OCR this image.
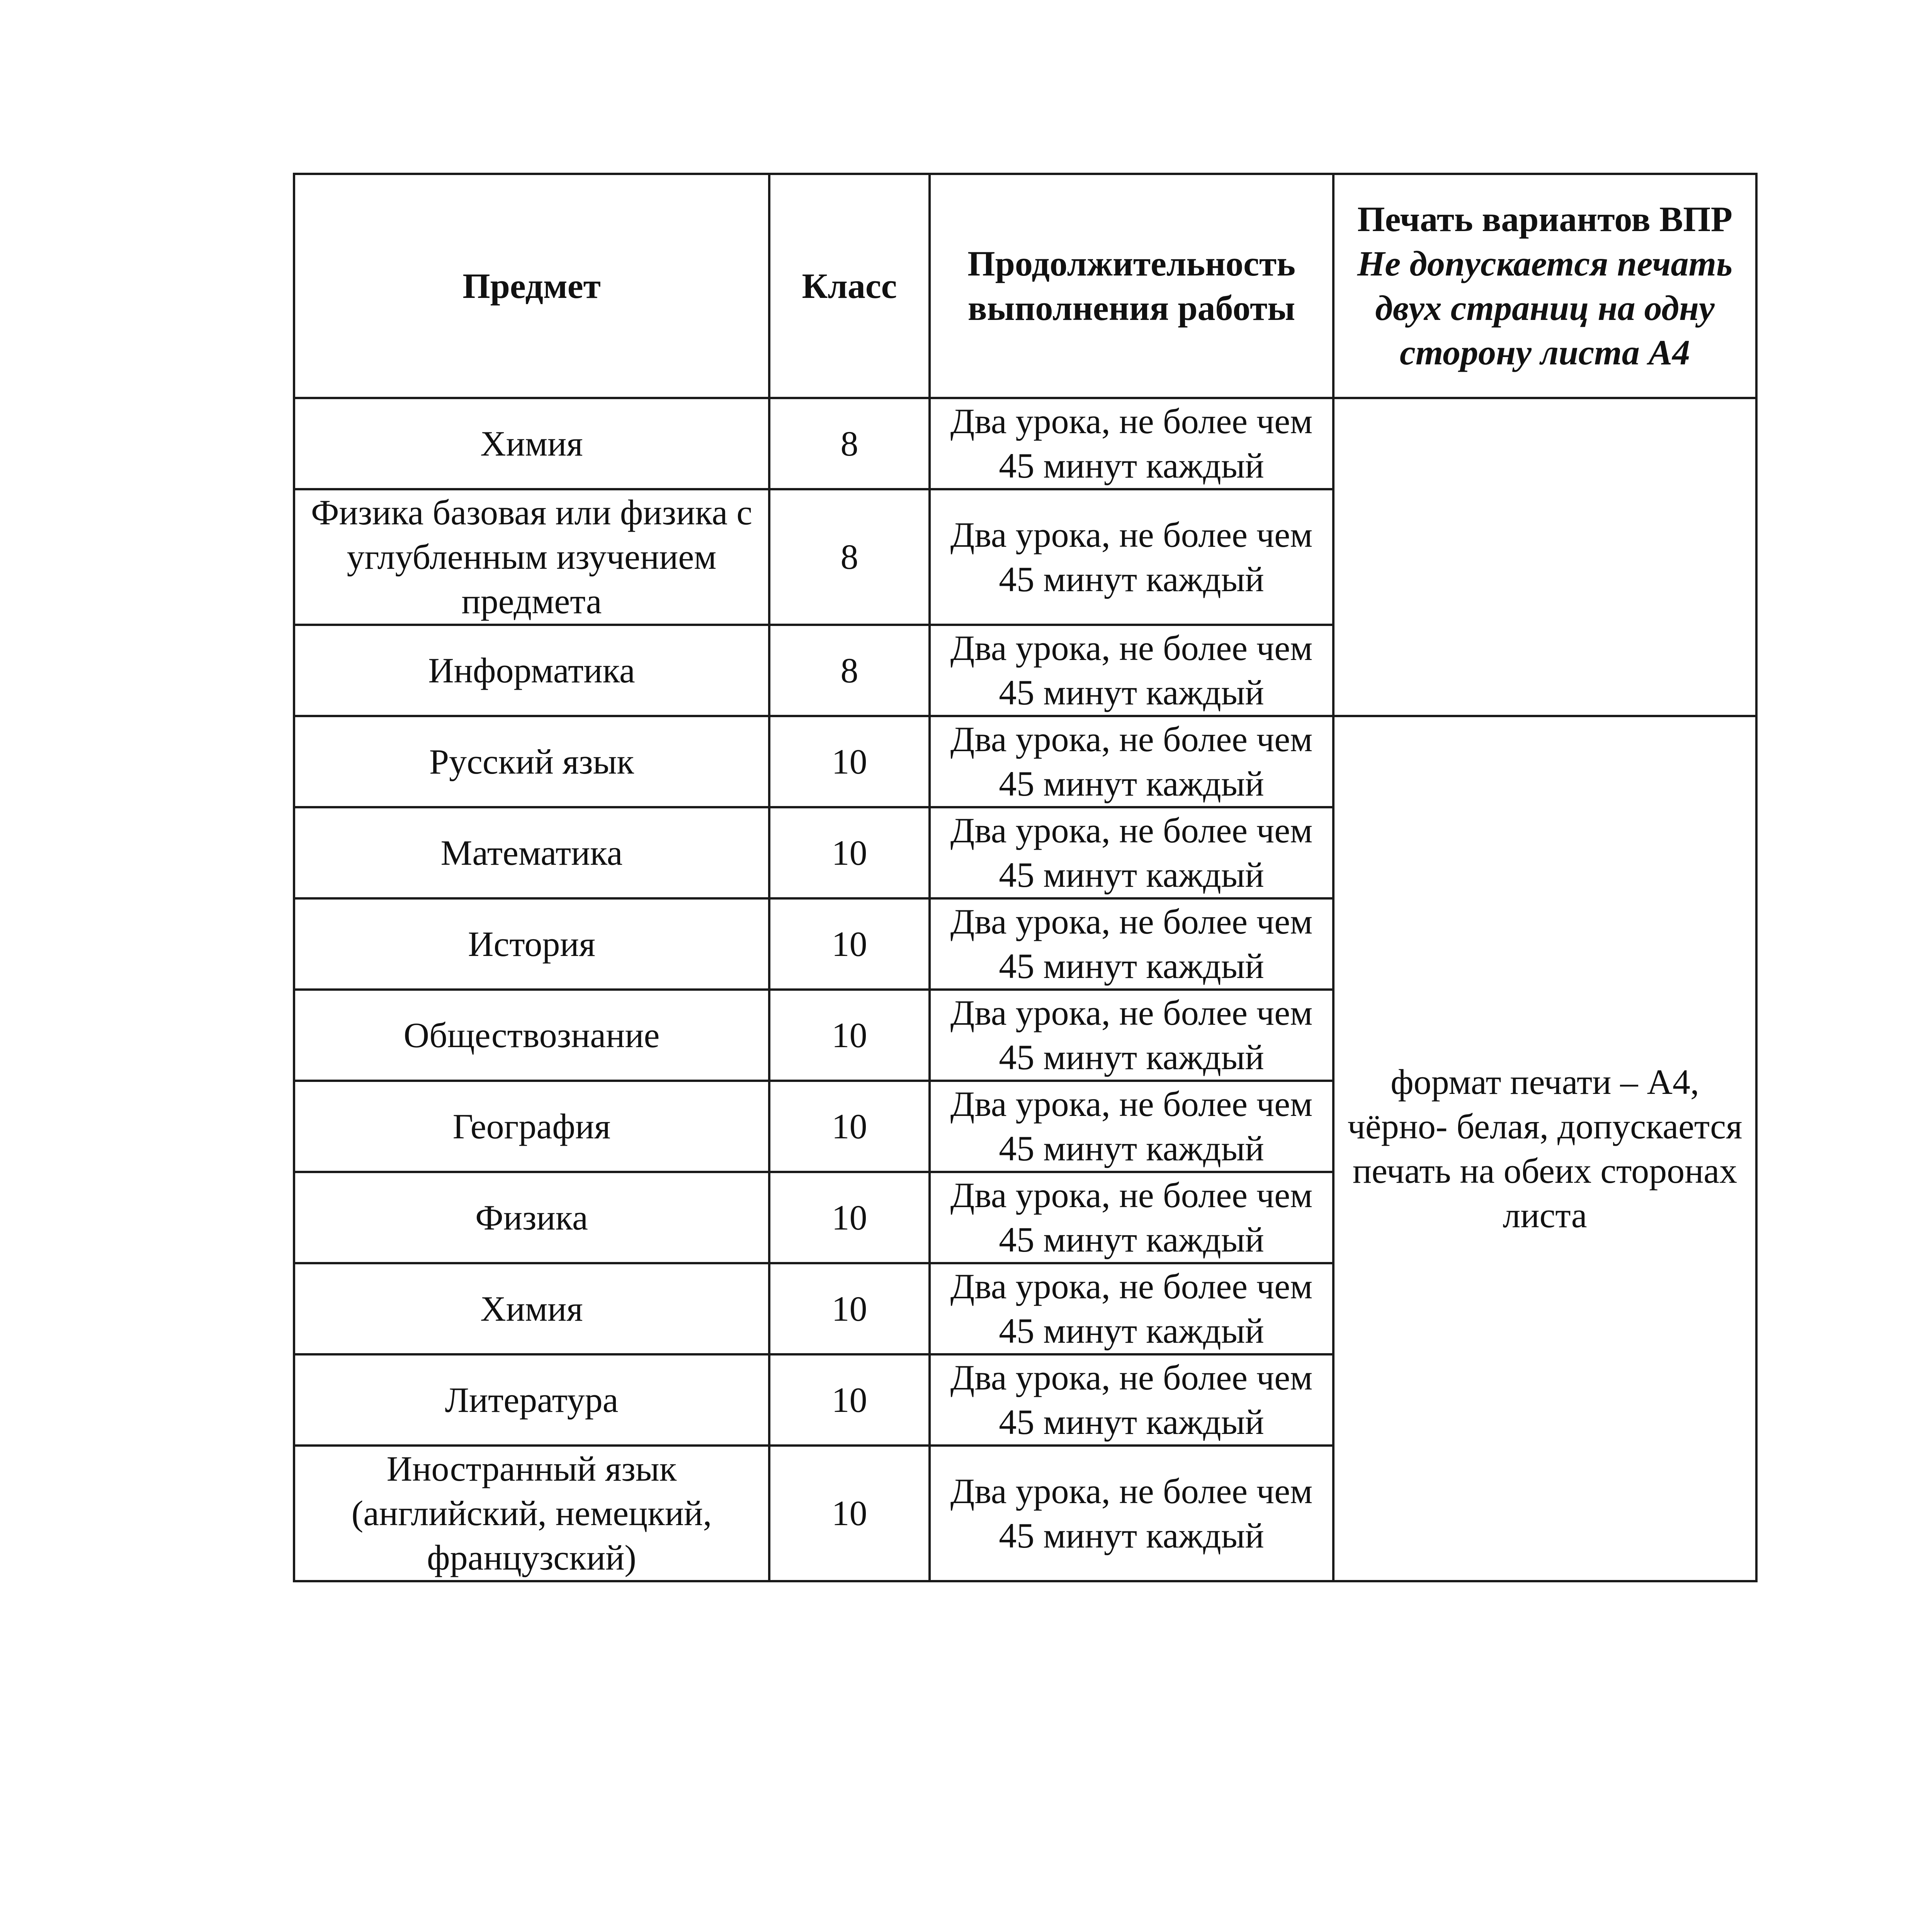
Предмет	Класс	Продолжительность выполнения работы	Печать вариантов ВПР
Не допускается печать двух страниц на одну сторону листа А4

Химия	8	Два урока, не более чем 45 минут каждый	
Физика базовая или физика с углубленным изучением предмета	8	Два урока, не более чем 45 минут каждый	
Информатика	8	Два урока, не более чем 45 минут каждый	
Русский язык	10	Два урока, не более чем 45 минут каждый	формат печати – А4, чёрно- белая, допускается печать на обеих сторонах листа
Математика	10	Два урока, не более чем 45 минут каждый	
История	10	Два урока, не более чем 45 минут каждый	
Обществознание	10	Два урока, не более чем 45 минут каждый	
География	10	Два урока, не более чем 45 минут каждый	
Физика	10	Два урока, не более чем 45 минут каждый	
Химия	10	Два урока, не более чем 45 минут каждый	
Литература	10	Два урока, не более чем 45 минут каждый	
Иностранный язык (английский, немецкий, французский)	10	Два урока, не более чем 45 минут каждый	
